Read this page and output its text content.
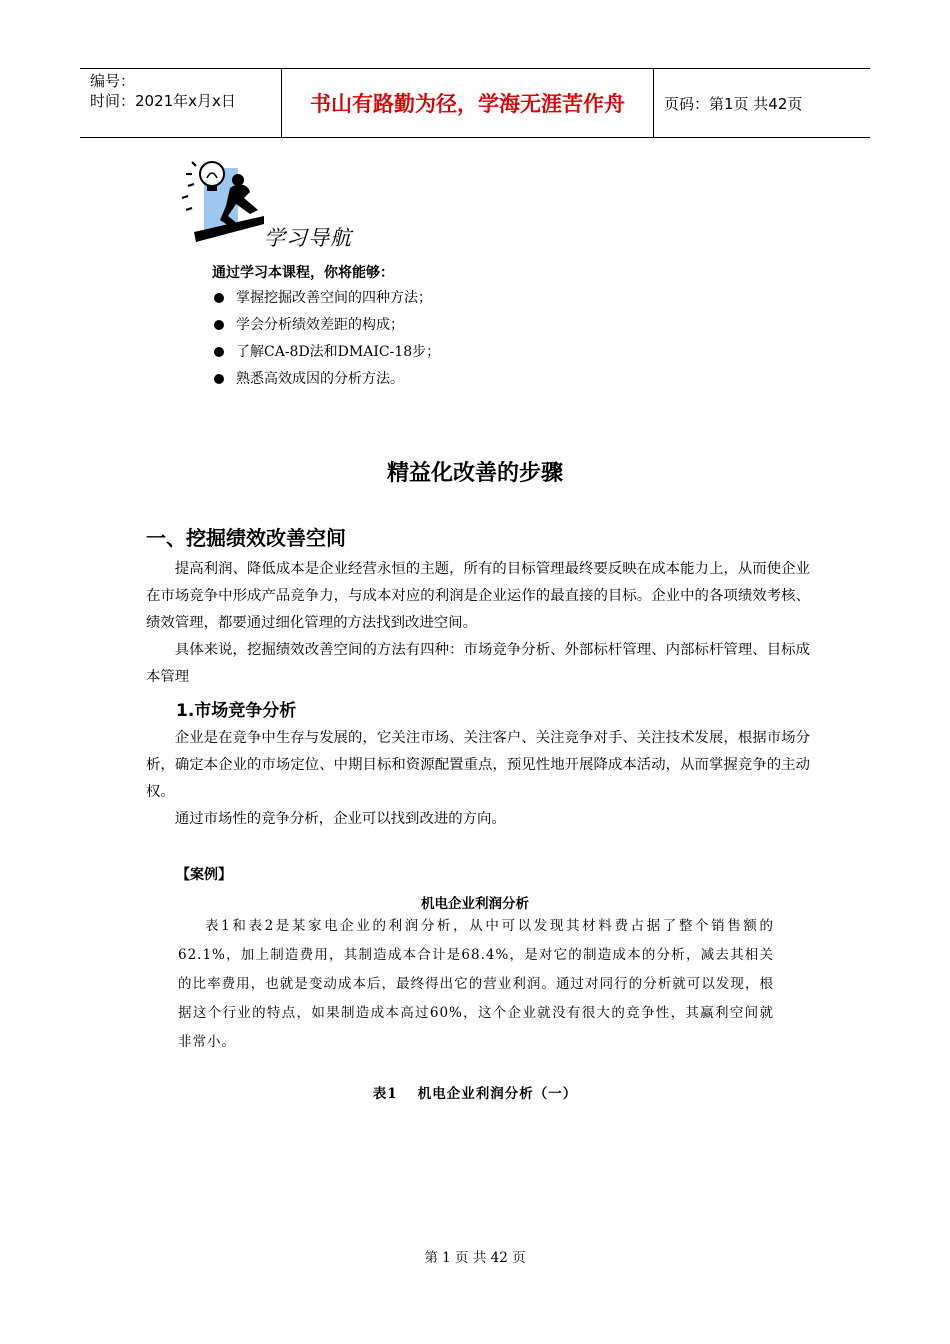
编号：
时间：2021年x月x日	书山有路勤为径，学海无涯苦作舟	页码：第1页 共42页
学习导航
通过学习本课程，你将能够：
掌握挖掘改善空间的四种方法；
学会分析绩效差距的构成；
了解CA-8D法和DMAIC-18步；
熟悉高效成因的分析方法。
精益化改善的步骤
一、挖掘绩效改善空间
提高利润、降低成本是企业经营永恒的主题，所有的目标管理最终要反映在成本能力上，从而使企业在市场竞争中形成产品竞争力，与成本对应的利润是企业运作的最直接的目标。企业中的各项绩效考核、绩效管理，都要通过细化管理的方法找到改进空间。
具体来说，挖掘绩效改善空间的方法有四种：市场竞争分析、外部标杆管理、内部标杆管理、目标成本管理
1.市场竞争分析
企业是在竞争中生存与发展的，它关注市场、关注客户、关注竞争对手、关注技术发展，根据市场分析，确定本企业的市场定位、中期目标和资源配置重点，预见性地开展降成本活动，从而掌握竞争的主动权。
通过市场性的竞争分析，企业可以找到改进的方向。
【案例】
机电企业利润分析
表1和表2是某家电企业的利润分析，从中可以发现其材料费占据了整个销售额的62.1%，加上制造费用，其制造成本合计是68.4%，是对它的制造成本的分析，减去其相关的比率费用，也就是变动成本后，最终得出它的营业利润。通过对同行的分析就可以发现，根据这个行业的特点，如果制造成本高过60%，这个企业就没有很大的竞争性，其赢利空间就非常小。
表1　 机电企业利润分析（一）
第 1 页 共 42 页
